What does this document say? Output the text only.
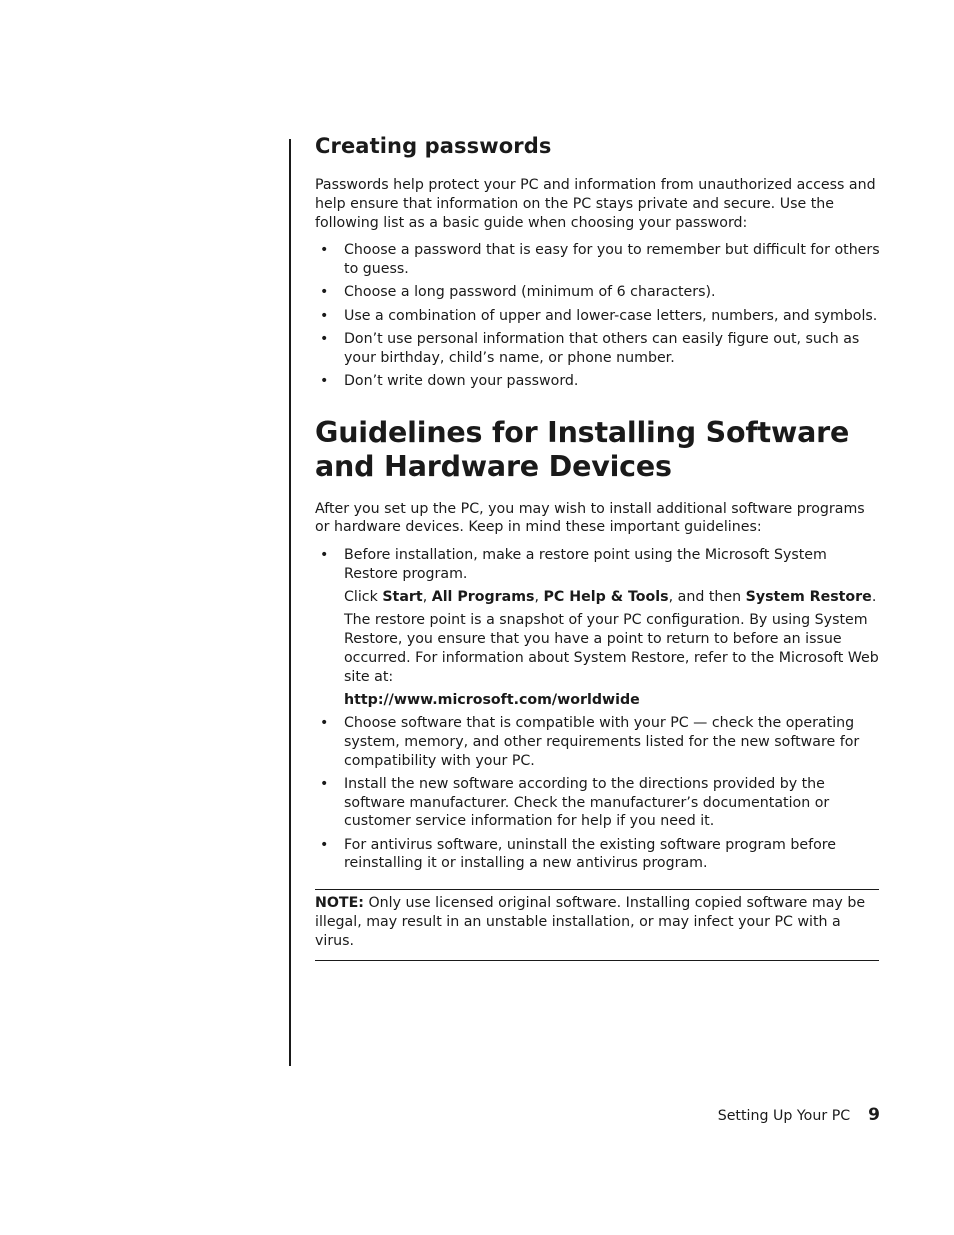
Creating passwords

Passwords help protect your PC and information from unauthorized access and help ensure that information on the PC stays private and secure. Use the following list as a basic guide when choosing your password:

• Choose a password that is easy for you to remember but difficult for others to guess.
• Choose a long password (minimum of 6 characters).
• Use a combination of upper and lower-case letters, numbers, and symbols.
• Don’t use personal information that others can easily figure out, such as your birthday, child’s name, or phone number.
• Don’t write down your password.
Guidelines for Installing Software and Hardware Devices

After you set up the PC, you may wish to install additional software programs or hardware devices. Keep in mind these important guidelines:

• Before installation, make a restore point using the Microsoft System Restore program.
Click Start, All Programs, PC Help & Tools, and then System Restore.
The restore point is a snapshot of your PC configuration. By using System Restore, you ensure that you have a point to return to before an issue occurred. For information about System Restore, refer to the Microsoft Web site at:
http://www.microsoft.com/worldwide
• Choose software that is compatible with your PC — check the operating system, memory, and other requirements listed for the new software for compatibility with your PC.
• Install the new software according to the directions provided by the software manufacturer. Check the manufacturer’s documentation or customer service information for help if you need it.
• For antivirus software, uninstall the existing software program before reinstalling it or installing a new antivirus program.

NOTE: Only use licensed original software. Installing copied software may be illegal, may result in an unstable installation, or may infect your PC with a virus.

Setting Up Your PC 9
